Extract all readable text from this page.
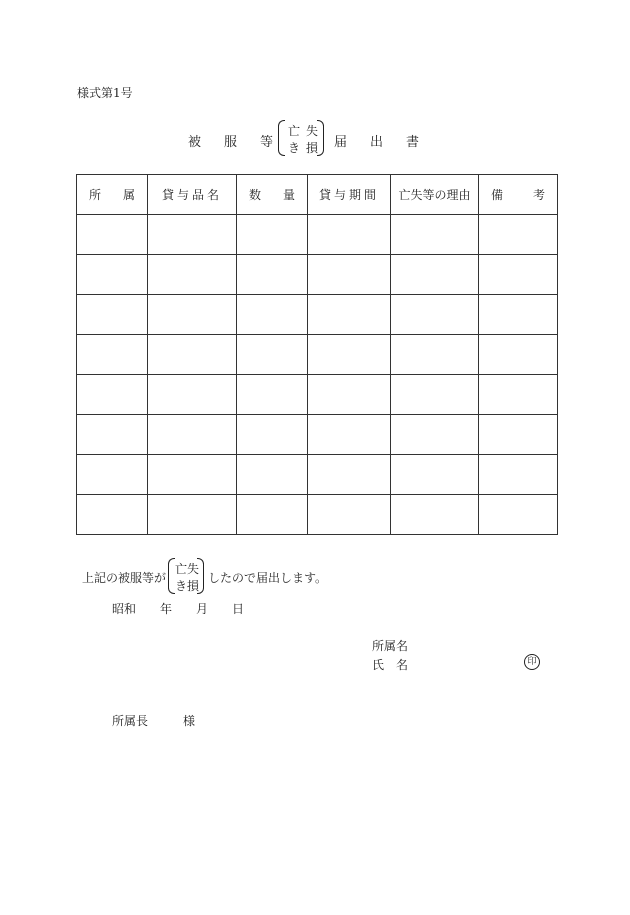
様式第1号
被 服 等
亡 失
き 損 届 出 書
所 属	貸与品名	数 量	貸与期間	亡失等の理由	備 考

上記の被服等が
亡失
き損
したので届出します。
昭和 年 月 日
所属名
氏 名	印
所属長	様
